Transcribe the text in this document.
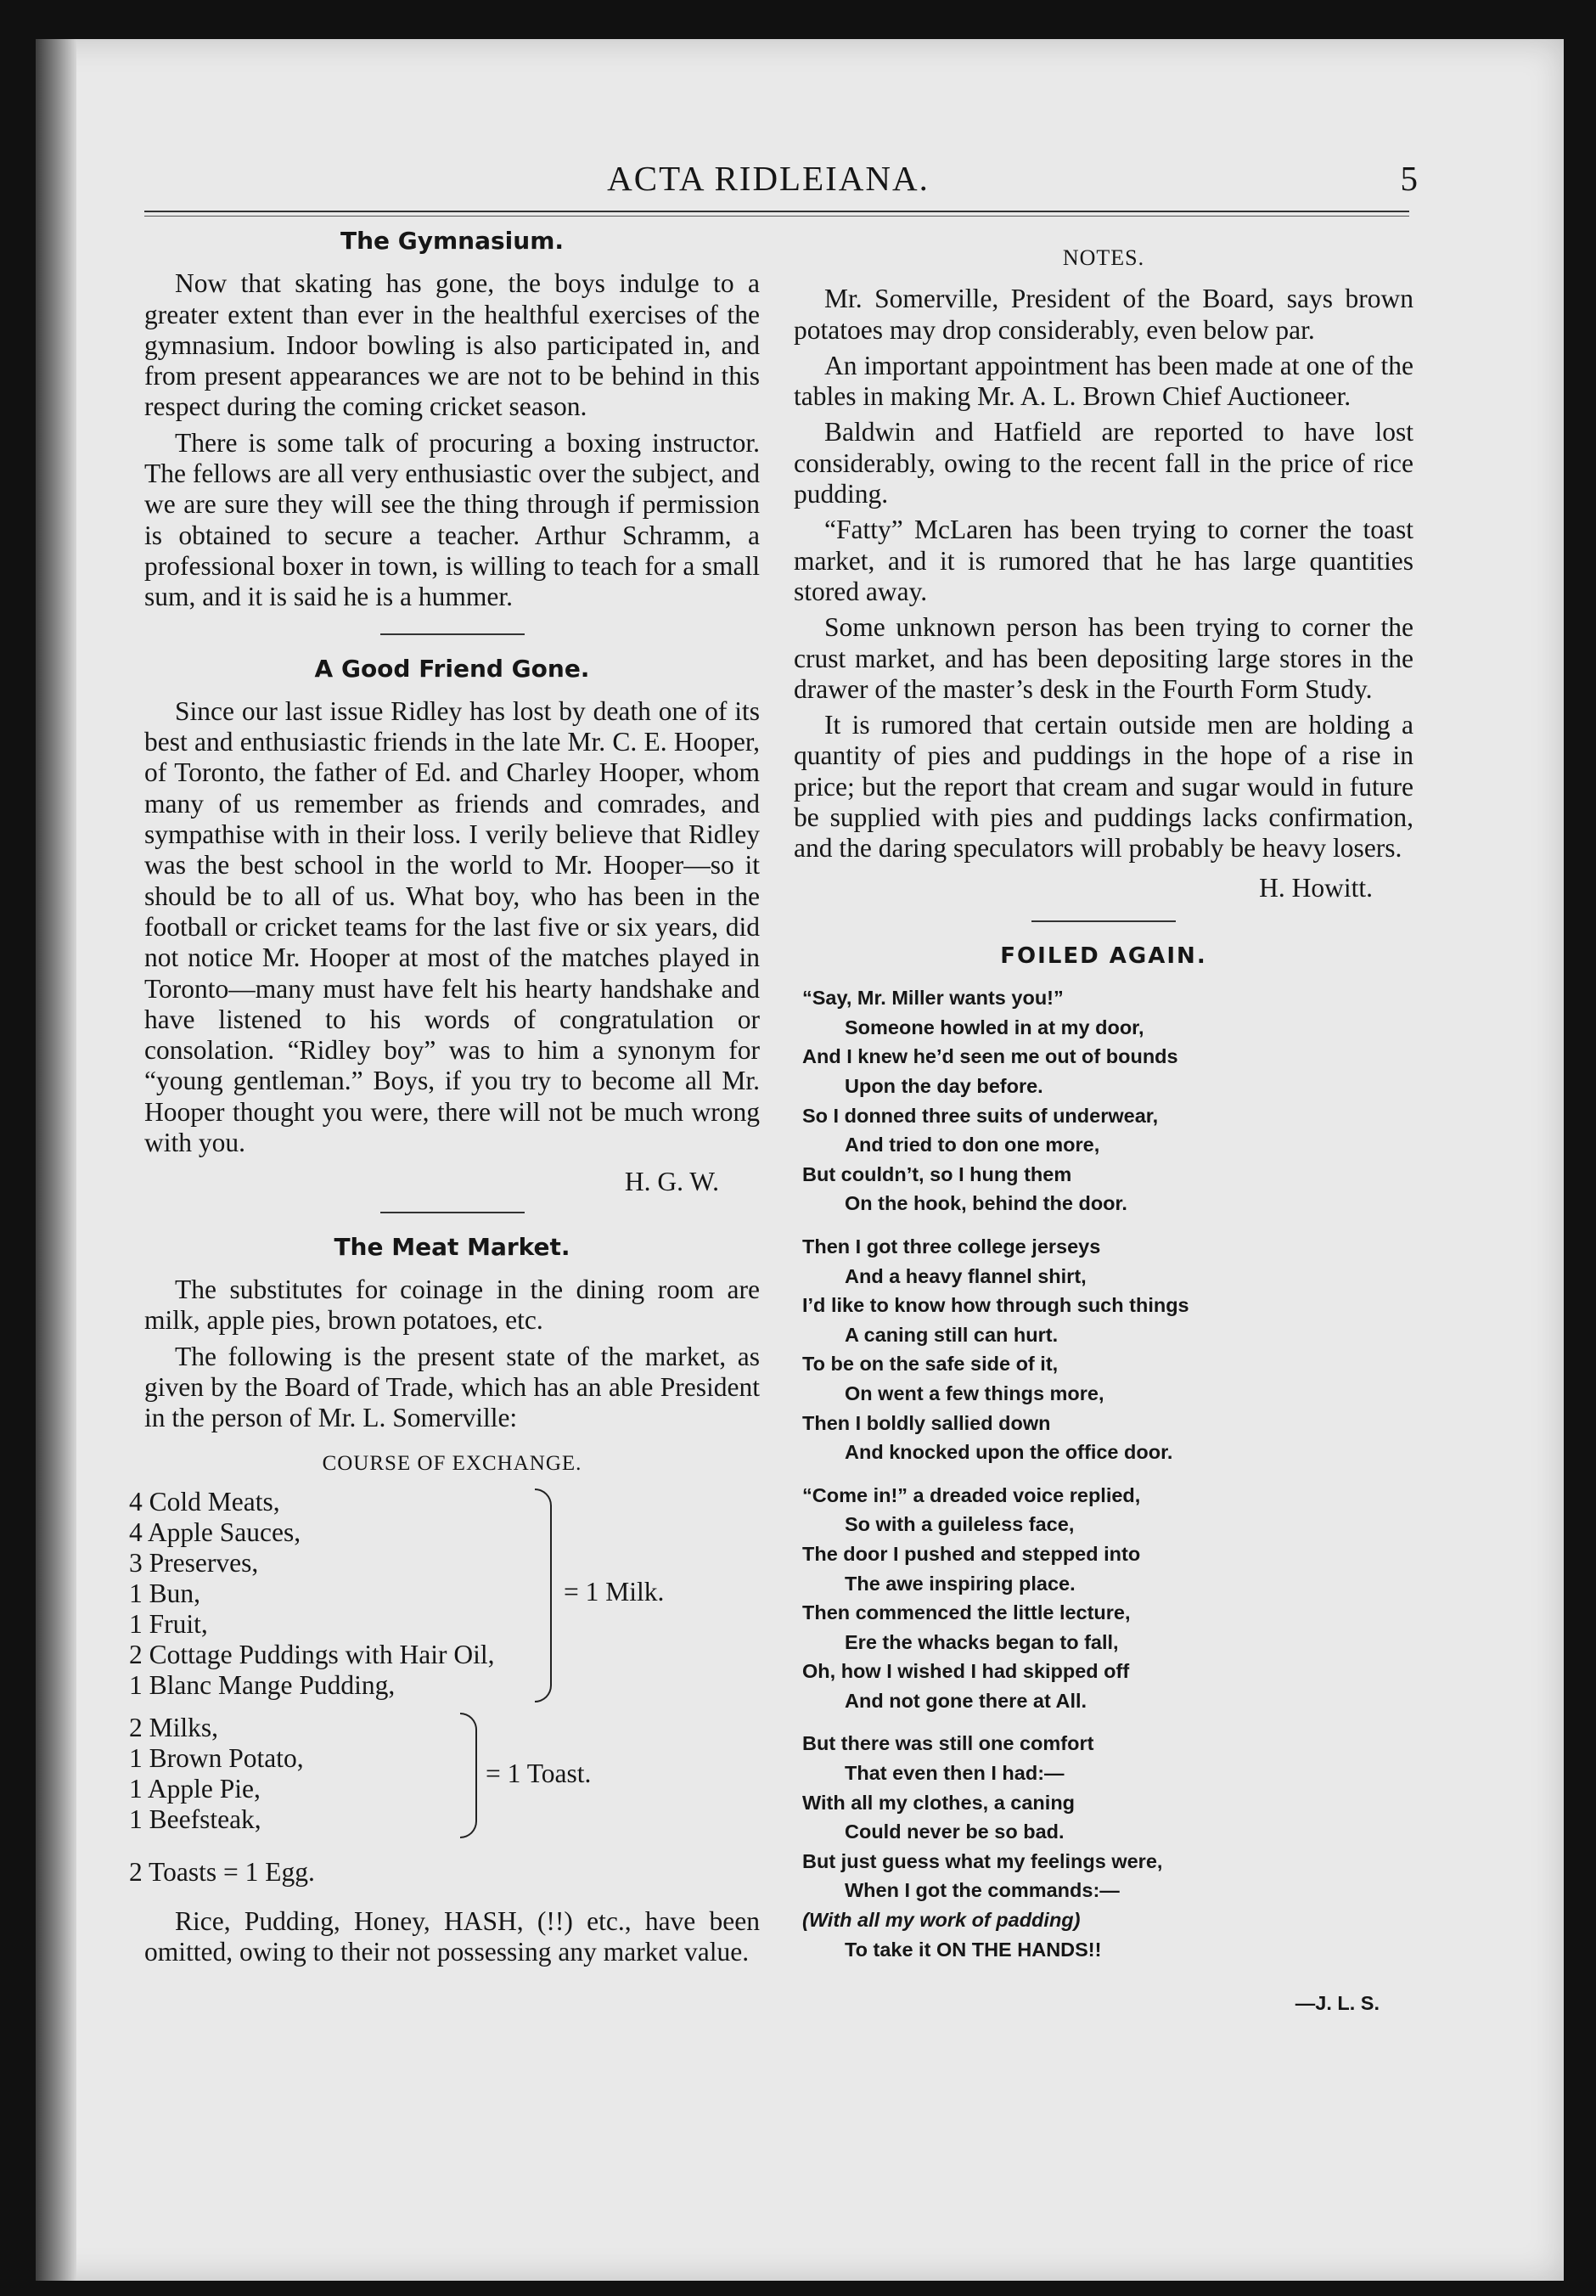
ACTA RIDLEIANA.	5
The Gymnasium.

Now that skating has gone, the boys indulge to a greater extent than ever in the healthful exercises of the gymnasium. Indoor bowling is also participated in, and from present appearances we are not to be behind in this respect during the coming cricket season.

There is some talk of procuring a boxing instructor. The fellows are all very enthusiastic over the subject, and we are sure they will see the thing through if permission is obtained to secure a teacher. Arthur Schramm, a professional boxer in town, is willing to teach for a small sum, and it is said he is a hummer.

A Good Friend Gone.

Since our last issue Ridley has lost by death one of its best and enthusiastic friends in the late Mr. C. E. Hooper, of Toronto, the father of Ed. and Charley Hooper, whom many of us remember as friends and comrades, and sympathise with in their loss. I verily believe that Ridley was the best school in the world to Mr. Hooper—so it should be to all of us. What boy, who has been in the football or cricket teams for the last five or six years, did not notice Mr. Hooper at most of the matches played in Toronto—many must have felt his hearty handshake and have listened to his words of congratulation or consolation. “Ridley boy” was to him a synonym for “young gentleman.” Boys, if you try to become all Mr. Hooper thought you were, there will not be much wrong with you.

H. G. W.
The Meat Market.

The substitutes for coinage in the dining room are milk, apple pies, brown potatoes, etc.

The following is the present state of the market, as given by the Board of Trade, which has an able President in the person of Mr. L. Somerville:

COURSE OF EXCHANGE.
4 Cold Meats,
4 Apple Sauces,
3 Preserves,
1 Bun,
1 Fruit,
2 Cottage Puddings with Hair Oil,
1 Blanc Mange Pudding,
= 1 Milk.
2 Milks,
1 Brown Potato,
1 Apple Pie,
1 Beefsteak,
= 1 Toast.
2 Toasts = 1 Egg.

Rice, Pudding, Honey, HASH, (!!) etc., have been omitted, owing to their not possessing any market value.

NOTES.

Mr. Somerville, President of the Board, says brown potatoes may drop considerably, even below par.

An important appointment has been made at one of the tables in making Mr. A. L. Brown Chief Auctioneer.

Baldwin and Hatfield are reported to have lost considerably, owing to the recent fall in the price of rice pudding.

“Fatty” McLaren has been trying to corner the toast market, and it is rumored that he has large quantities stored away.

Some unknown person has been trying to corner the crust market, and has been depositing large stores in the drawer of the master’s desk in the Fourth Form Study.

It is rumored that certain outside men are holding a quantity of pies and puddings in the hope of a rise in price; but the report that cream and sugar would in future be supplied with pies and puddings lacks confirmation, and the daring speculators will probably be heavy losers.

H. Howitt.
FOILED AGAIN.
“Say, Mr. Miller wants you!”
Someone howled in at my door,
And I knew he’d seen me out of bounds
Upon the day before.
So I donned three suits of underwear,
And tried to don one more,
But couldn’t, so I hung them
On the hook, behind the door.
Then I got three college jerseys
And a heavy flannel shirt,
I’d like to know how through such things
A caning still can hurt.
To be on the safe side of it,
On went a few things more,
Then I boldly sallied down
And knocked upon the office door.
“Come in!” a dreaded voice replied,
So with a guileless face,
The door I pushed and stepped into
The awe inspiring place.
Then commenced the little lecture,
Ere the whacks began to fall,
Oh, how I wished I had skipped off
And not gone there at All.
But there was still one comfort
That even then I had:—
With all my clothes, a caning
Could never be so bad.
But just guess what my feelings were,
When I got the commands:—
(With all my work of padding)
To take it ON THE HANDS!!
—J. L. S.
